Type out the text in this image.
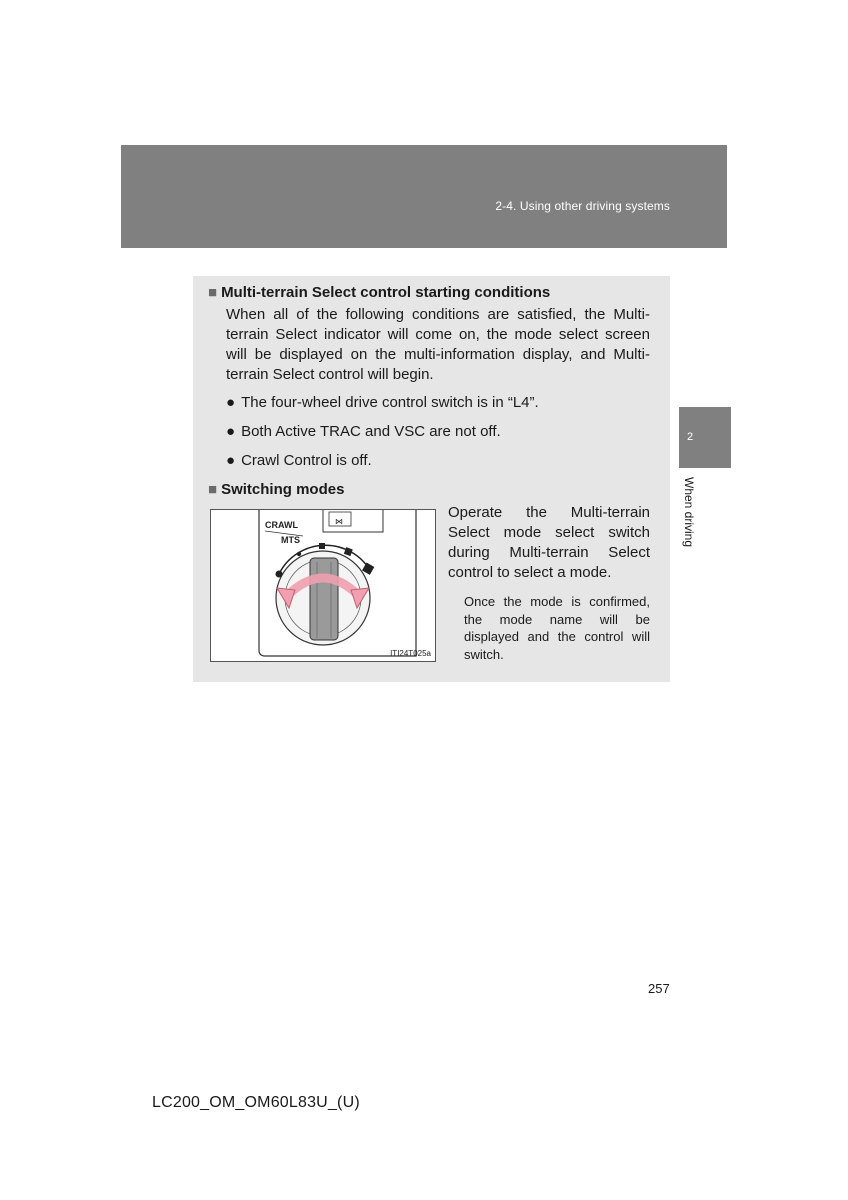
2-4. Using other driving systems
2
When driving
■ Multi-terrain Select control starting conditions

When all of the following conditions are satisfied, the Multi-terrain Select indicator will come on, the mode select screen will be displayed on the multi-information display, and Multi-terrain Select control will begin.

● The four-wheel drive control switch is in “L4”.
● Both Active TRAC and VSC are not off.
● Crawl Control is off.
■ Switching modes
⋈
CRAWL
MTS
ITI24T025a

Operate the Multi-terrain Select mode select switch during Multi-terrain Select control to select a mode.

Once the mode is confirmed, the mode name will be displayed and the control will switch.

257
LC200_OM_OM60L83U_(U)
